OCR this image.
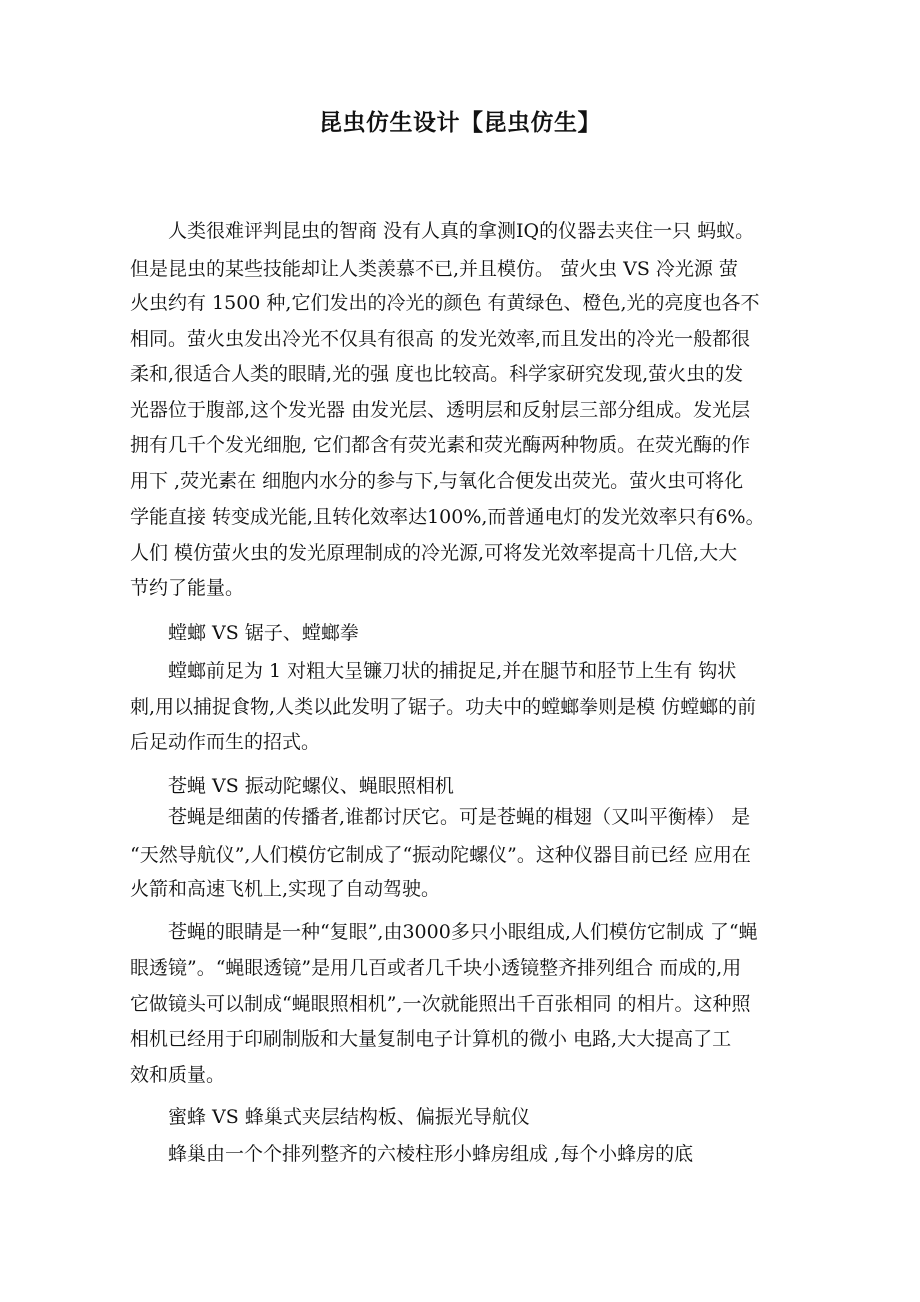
昆虫仿生设计【昆虫仿生】
　　人类很难评判昆虫的智商 没有人真的拿测IQ的仪器去夹住一只 蚂蚁。
但是昆虫的某些技能却让人类羡慕不已,并且模仿。 萤火虫 VS 冷光源 萤
火虫约有 1500 种,它们发出的冷光的颜色 有黄绿色、橙色,光的亮度也各不
相同。萤火虫发出冷光不仅具有很高 的发光效率,而且发出的冷光一般都很
柔和,很适合人类的眼睛,光的强 度也比较高。科学家研究发现,萤火虫的发
光器位于腹部,这个发光器 由发光层、透明层和反射层三部分组成。发光层
拥有几千个发光细胞, 它们都含有荧光素和荧光酶两种物质。在荧光酶的作
用下 ,荧光素在 细胞内水分的参与下,与氧化合便发出荧光。萤火虫可将化
学能直接 转变成光能,且转化效率达100%,而普通电灯的发光效率只有6%。
人们 模仿萤火虫的发光原理制成的冷光源,可将发光效率提高十几倍,大大
节约了能量。
　　螳螂 VS 锯子、螳螂拳
　　螳螂前足为 1 对粗大呈镰刀状的捕捉足,并在腿节和胫节上生有 钩状
刺,用以捕捉食物,人类以此发明了锯子。功夫中的螳螂拳则是模 仿螳螂的前
后足动作而生的招式。
　　苍蝇 VS 振动陀螺仪、蝇眼照相机
　　苍蝇是细菌的传播者,谁都讨厌它。可是苍蝇的楫翅（又叫平衡棒） 是
“天然导航仪”,人们模仿它制成了“振动陀螺仪”。这种仪器目前已经 应用在
火箭和高速飞机上,实现了自动驾驶。
　　苍蝇的眼睛是一种“复眼”,由3000多只小眼组成,人们模仿它制成 了“蝇
眼透镜”。“蝇眼透镜”是用几百或者几千块小透镜整齐排列组合 而成的,用
它做镜头可以制成“蝇眼照相机”,一次就能照出千百张相同 的相片。这种照
相机已经用于印刷制版和大量复制电子计算机的微小 电路,大大提高了工
效和质量。
　　蜜蜂 VS 蜂巢式夹层结构板、偏振光导航仪
　　蜂巢由一个个排列整齐的六棱柱形小蜂房组成 ,每个小蜂房的底
